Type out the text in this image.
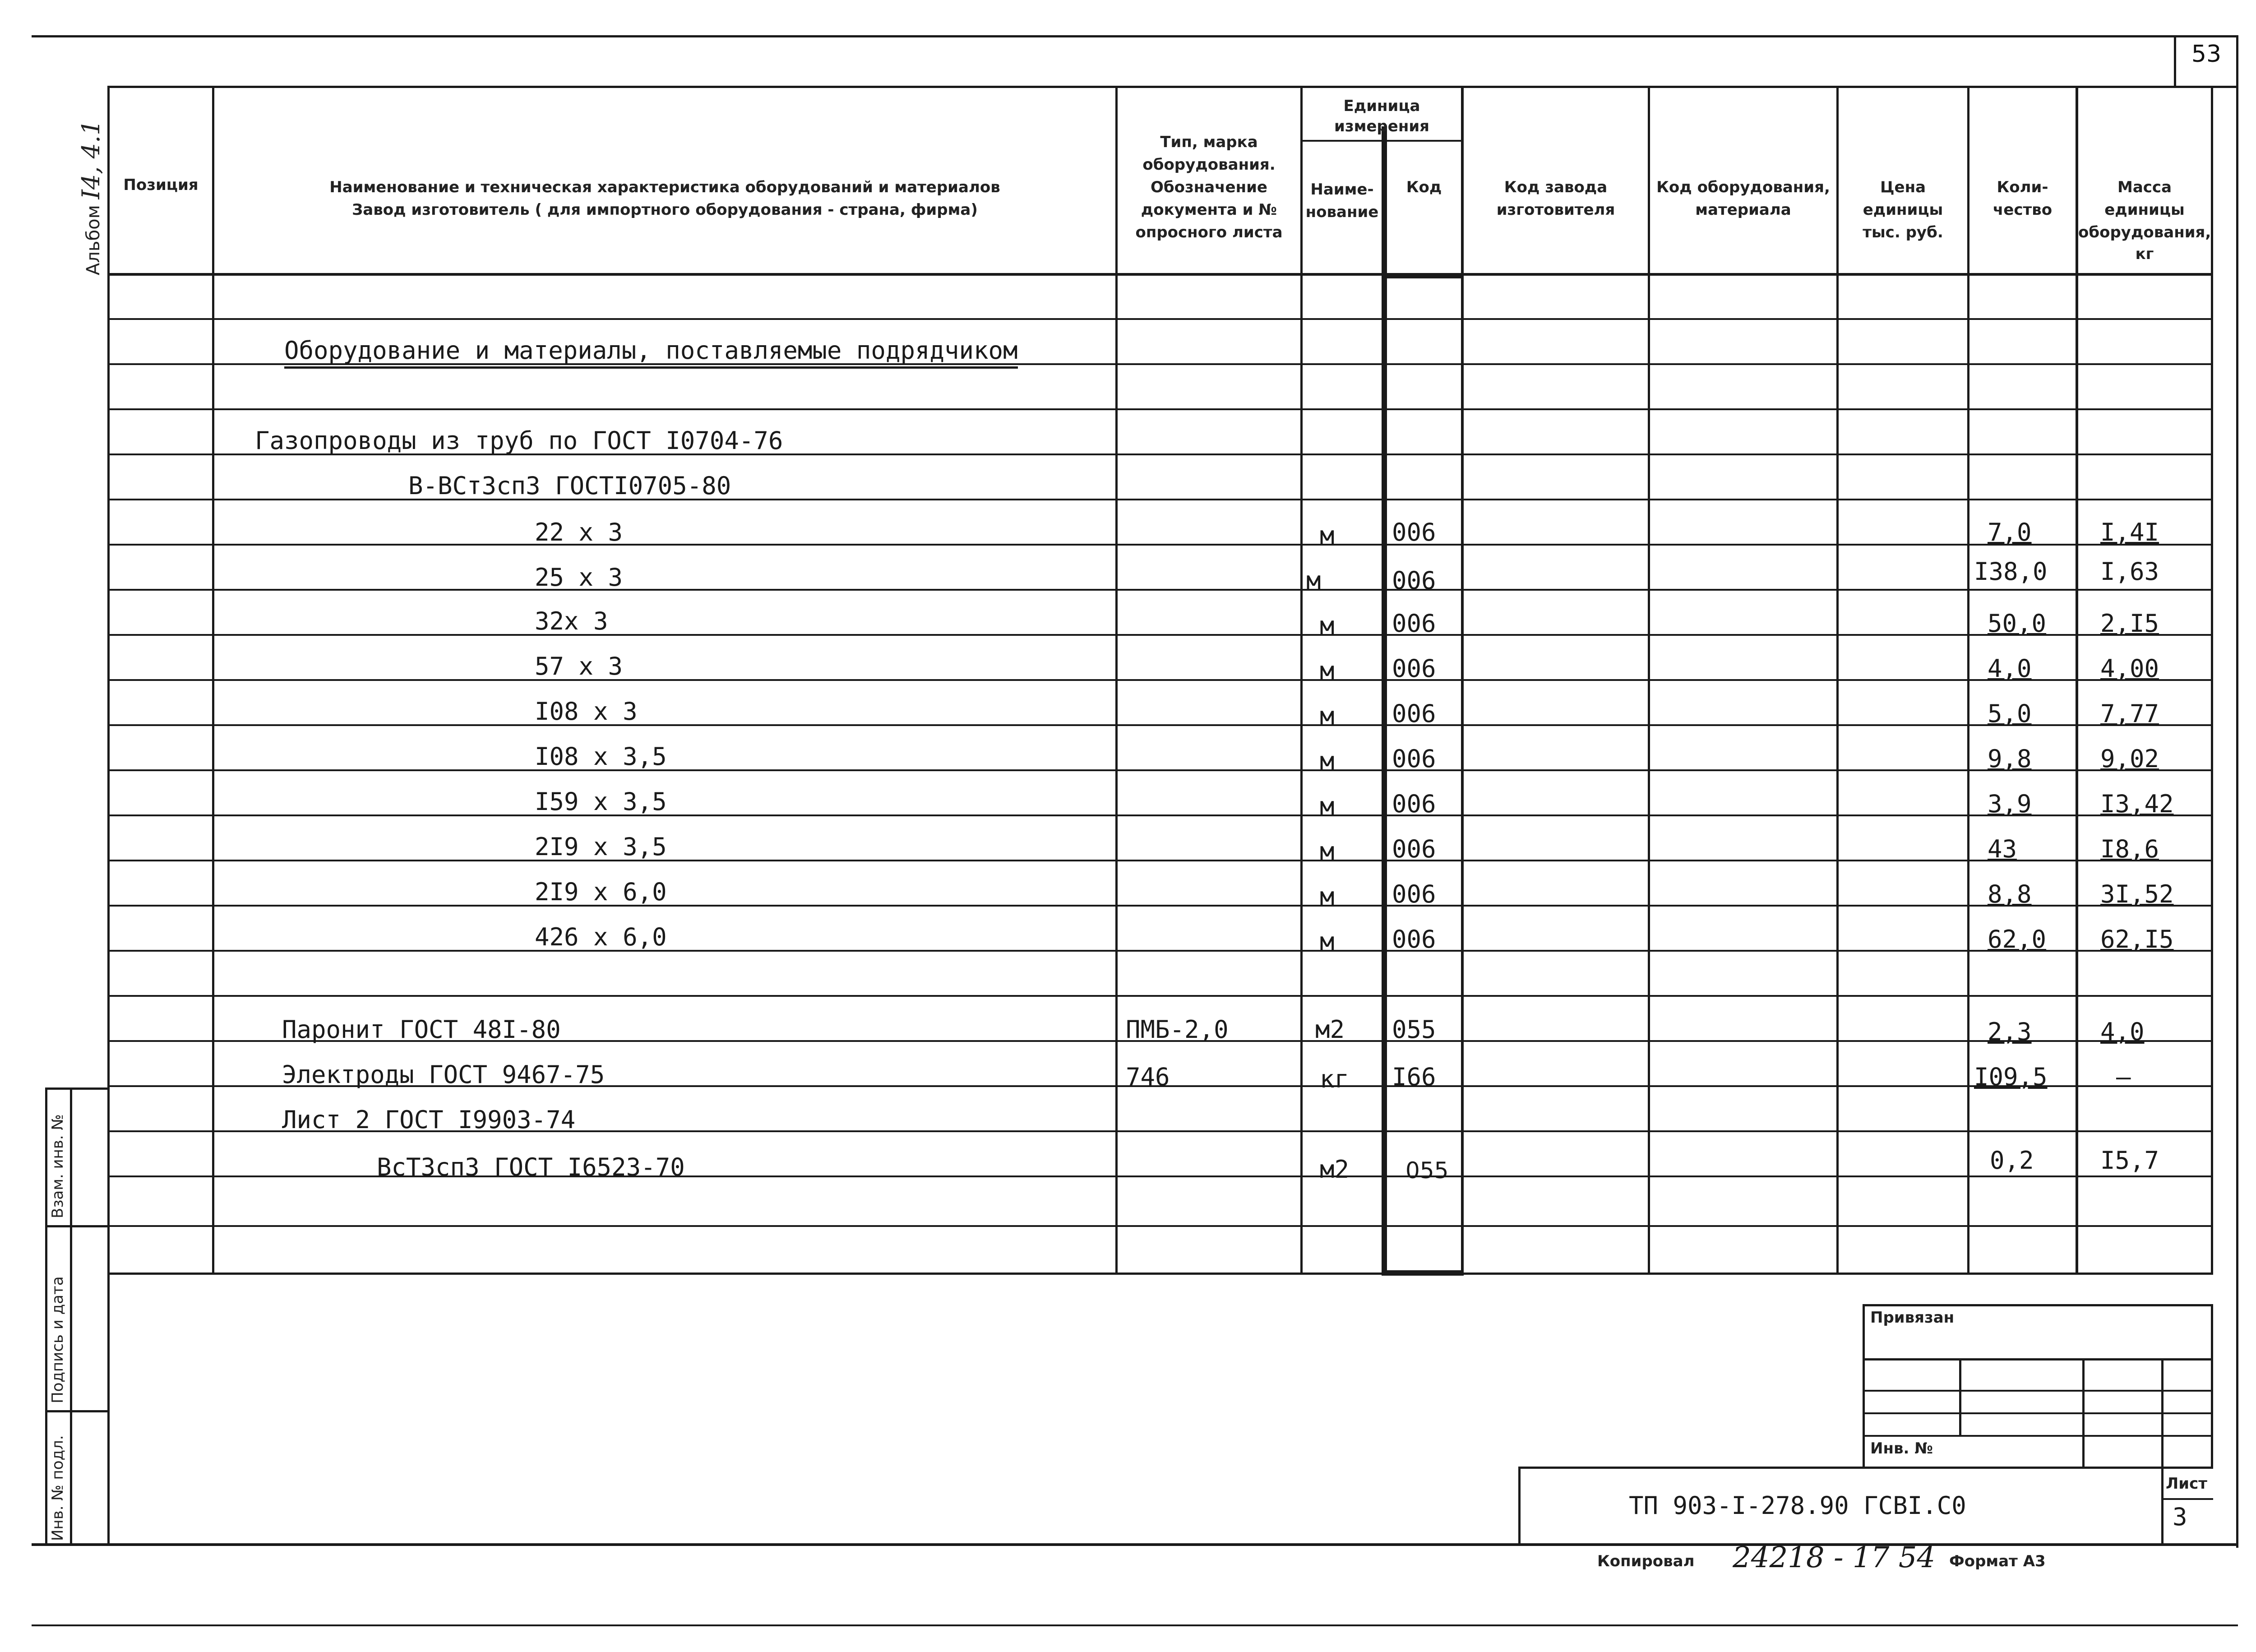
53
Альбом I4, 4.1
Взам. инв. №
Подпись и дата
Инв. № подл.
Позиция	Наименование и техническая характеристика оборудований и материалов
Завод изготовитель ( для импортного оборудования - страна, фирма)
Тип, марка
оборудования.
Обозначение
документа и №
опросного листа
Единица
измерения
Наиме-
нование
Код	Код завода
изготовителя
Код оборудования,
материала
Цена
единицы
тыс. руб.
Коли-
чество
Масса
единицы
оборудования,
кг
Оборудование и материалы, поставляемые подрядчиком
Газопроводы из труб по ГОСТ I0704-76
В-ВСт3сп3 ГОСТI0705-80
22 х 3	м 006	7,0	I,4I
25 х 3	м	006	I38,0 I,63
32х 3	м 006	50,0 2,I5
57 х 3	м 006	4,0	4,00
I08 х 3	м 006	5,0	7,77
I08 х 3,5	м 006	9,8	9,02
I59 х 3,5	м 006	3,9	I3,42
2I9 х 3,5	м 006	43	I8,6
2I9 х 6,0	м 006	8,8	3I,52
426 х 6,0	м 006	62,0 62,I5
Паронит ГОСТ 48I-80	ПМБ-2,0	м2 055	2,3	4,0
Электроды ГОСТ 9467-75	746	кг I66	I09,5	–
Лист 2 ГОСТ I9903-74
ВсТ3сп3 ГОСТ I6523-70	м2 055	0,2	I5,7
Привязан
Инв. №
Лист
3
ТП 903-I-278.90 ГСВI.С0
Копировал 24218 - 17 54 Формат А3
